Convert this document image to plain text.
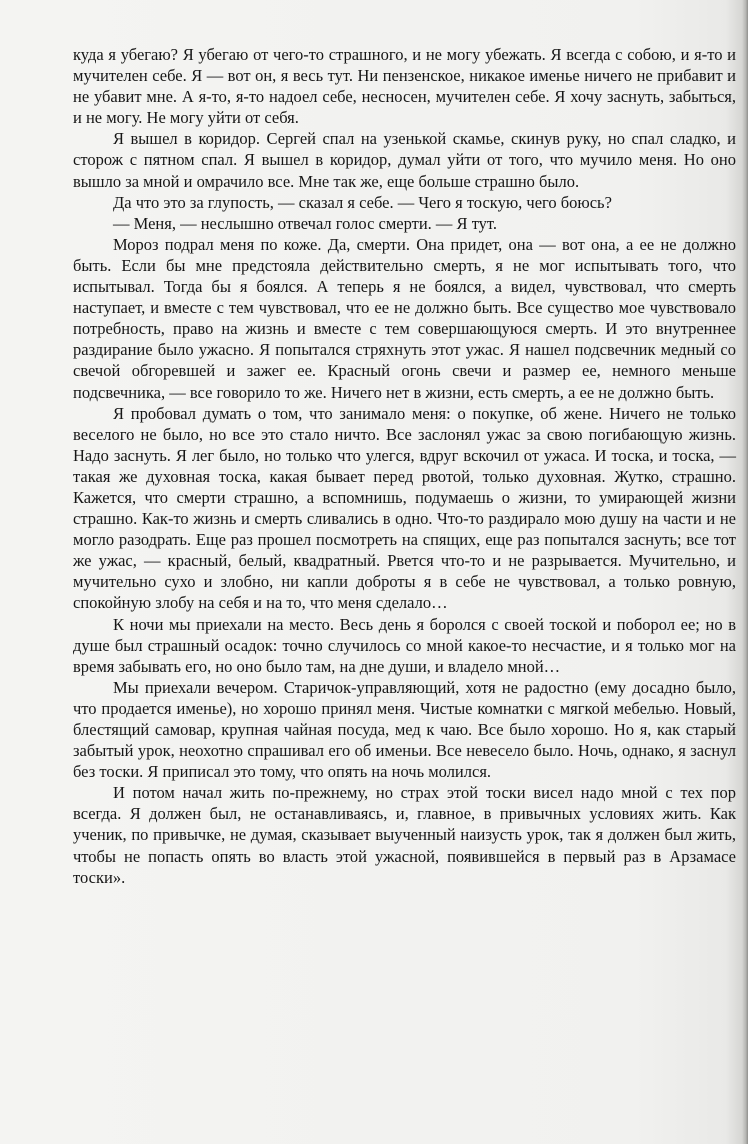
куда я убегаю? Я убегаю от чего-то страшного, и не могу убежать. Я всегда с собою, и я-то и мучителен себе. Я — вот он, я весь тут. Ни пензенское, никакое именье ничего не прибавит и не убавит мне. А я-то, я-то надоел себе, несносен, мучителен себе. Я хочу заснуть, забыться, и не могу. Не могу уйти от себя.

Я вышел в коридор. Сергей спал на узенькой скамье, скинув руку, но спал сладко, и сторож с пятном спал. Я вышел в коридор, думал уйти от того, что мучило меня. Но оно вышло за мной и омрачило все. Мне так же, еще больше страшно было.

Да что это за глупость, — сказал я себе. — Чего я тоскую, чего боюсь?

— Меня, — неслышно отвечал голос смерти. — Я тут.

Мороз подрал меня по коже. Да, смерти. Она придет, она — вот она, а ее не должно быть. Если бы мне предстояла действительно смерть, я не мог испытывать того, что испытывал. Тогда бы я боялся. А теперь я не боялся, а видел, чувствовал, что смерть наступает, и вместе с тем чувствовал, что ее не должно быть. Все существо мое чувствовало потребность, право на жизнь и вместе с тем совершающуюся смерть. И это внутреннее раздирание было ужасно. Я попытался стряхнуть этот ужас. Я нашел подсвечник медный со свечой обгоревшей и зажег ее. Красный огонь свечи и размер ее, немного меньше подсвечника, — все говорило то же. Ничего нет в жизни, есть смерть, а ее не должно быть.

Я пробовал думать о том, что занимало меня: о покупке, об жене. Ничего не только веселого не было, но все это стало ничто. Все заслонял ужас за свою погибающую жизнь. Надо заснуть. Я лег было, но только что улегся, вдруг вскочил от ужаса. И тоска, и тоска, — такая же духовная тоска, какая бывает перед рвотой, только духовная. Жутко, страшно. Кажется, что смерти страшно, а вспомнишь, подумаешь о жизни, то умирающей жизни страшно. Как-то жизнь и смерть сливались в одно. Что-то раздирало мою душу на части и не могло разодрать. Еще раз прошел посмотреть на спящих, еще раз попытался заснуть; все тот же ужас, — красный, белый, квадратный. Рвется что-то и не разрывается. Мучительно, и мучительно сухо и злобно, ни капли доброты я в себе не чувствовал, а только ровную, спокойную злобу на себя и на то, что меня сделало…

К ночи мы приехали на место. Весь день я боролся с своей тоской и поборол ее; но в душе был страшный осадок: точно случилось со мной какое-то несчастие, и я только мог на время забывать его, но оно было там, на дне души, и владело мной…

Мы приехали вечером. Старичок-управляющий, хотя не радостно (ему досадно было, что продается именье), но хорошо принял меня. Чистые комнатки с мягкой мебелью. Новый, блестящий самовар, крупная чайная посуда, мед к чаю. Все было хорошо. Но я, как старый забытый урок, неохотно спрашивал его об именьи. Все невесело было. Ночь, однако, я заснул без тоски. Я приписал это тому, что опять на ночь молился.

И потом начал жить по-прежнему, но страх этой тоски висел надо мной с тех пор всегда. Я должен был, не останавливаясь, и, главное, в привычных условиях жить. Как ученик, по привычке, не думая, сказывает выученный наизусть урок, так я должен был жить, чтобы не попасть опять во власть этой ужасной, появившейся в первый раз в Арзамасе тоски».
